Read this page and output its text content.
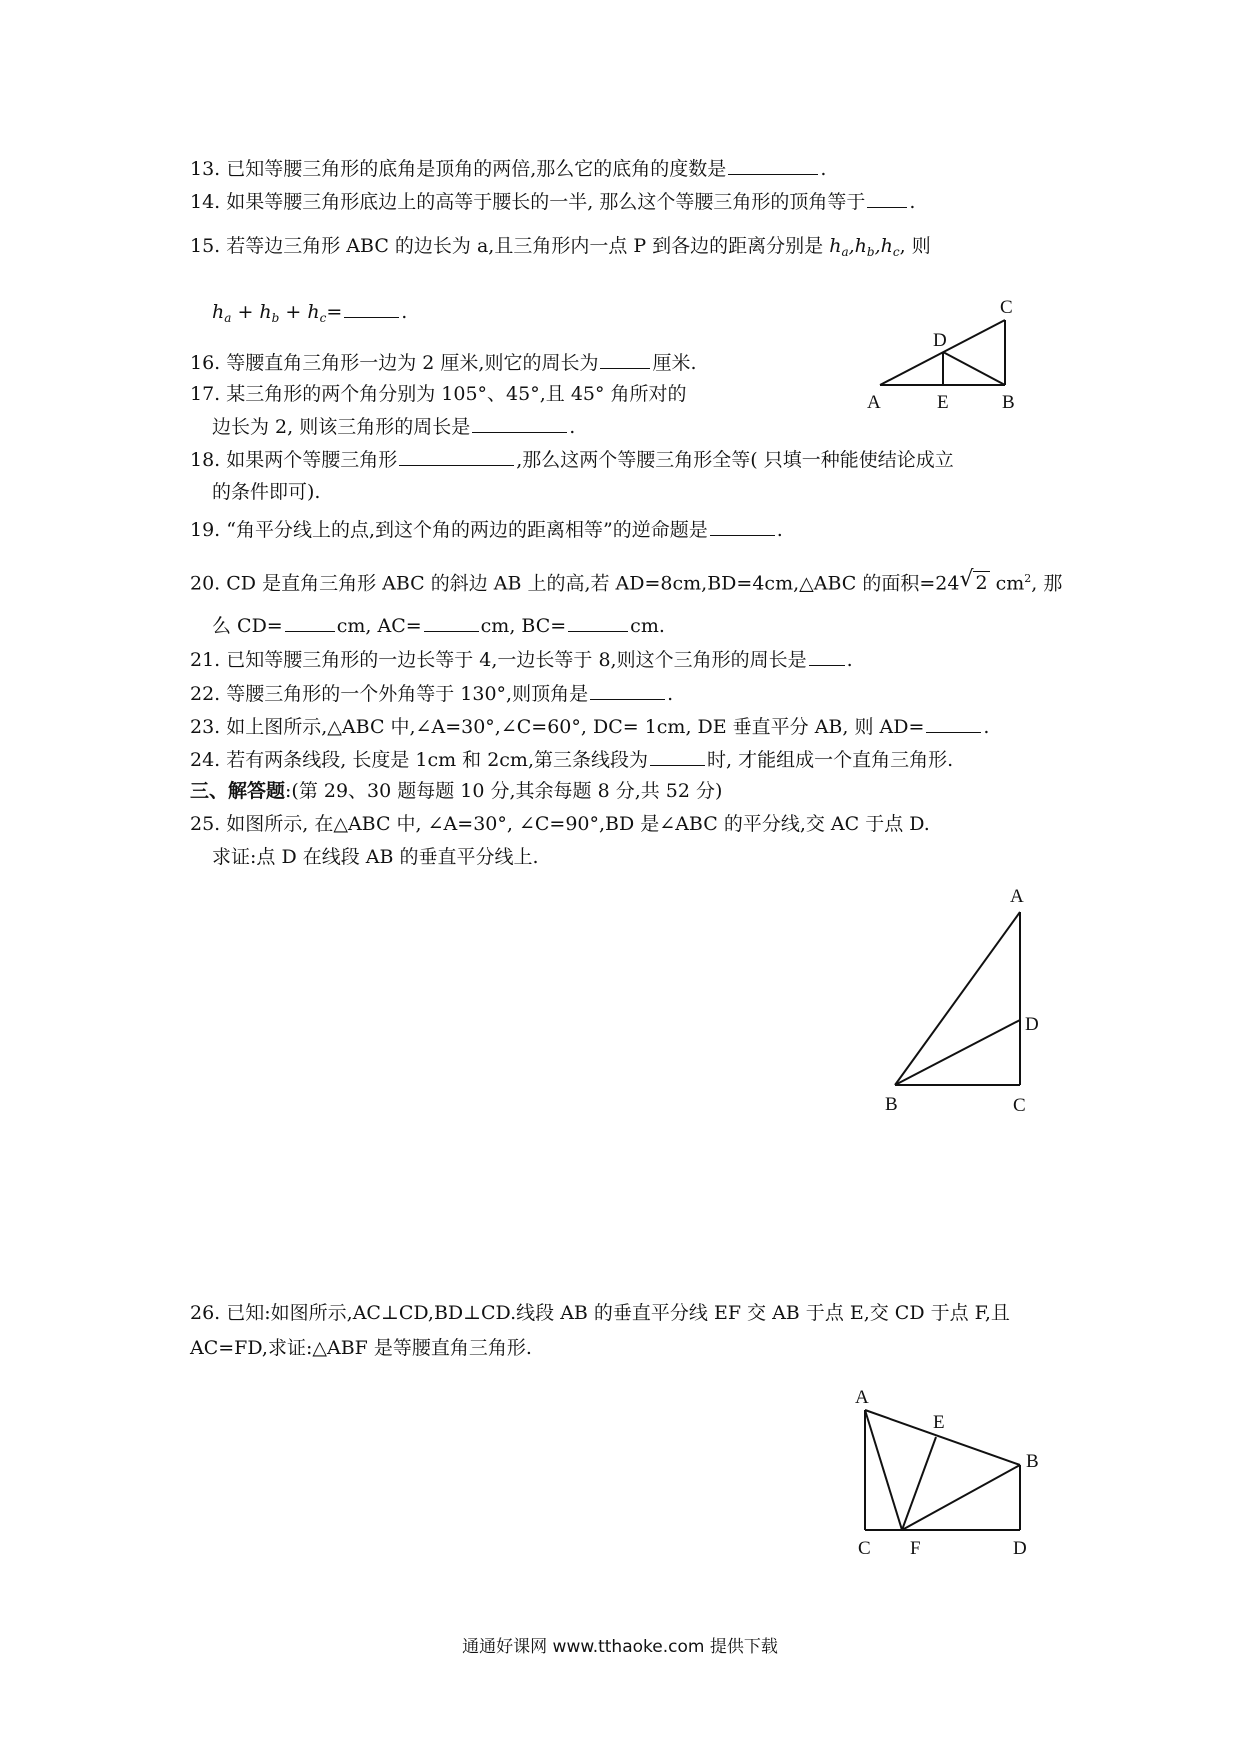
13. 已知等腰三角形的底角是顶角的两倍,那么它的底角的度数是	.
14. 如果等腰三角形底边上的高等于腰长的一半, 那么这个等腰三角形的顶角等于 .
15. 若等边三角形 ABC 的边长为 a,且三角形内一点 P 到各边的距离分别是 $h_a,h_b,h_c$, 则
$h_a + h_b + h_c=$	.
16. 等腰直角三角形一边为 2 厘米,则它的周长为	厘米.
17. 某三角形的两个角分别为 105°、45°,且 45° 角所对的
边长为 2, 则该三角形的周长是	.
18. 如果两个等腰三角形	,那么这两个等腰三角形全等( 只填一种能使结论成立
的条件即可).
19. “角平分线上的点,到这个角的两边的距离相等”的逆命题是	.
20. CD 是直角三角形 ABC 的斜边 AB 上的高,若 AD=8cm,BD=4cm,△ABC 的面积=24 √ 2 $cm^2$, 那
么 CD=	cm, AC=	cm, BC=	cm.
21. 已知等腰三角形的一边长等于 4,一边长等于 8,则这个三角形的周长是 .
22. 等腰三角形的一个外角等于 130°,则顶角是	.
23. 如上图所示,△ABC 中,∠A=30°,∠C=60°, DC= 1cm, DE 垂直平分 AB, 则 AD=	.
24. 若有两条线段, 长度是 1cm 和 2cm,第三条线段为	时, 才能组成一个直角三角形.
三、解答题:(第 29、30 题每题 10 分,其余每题 8 分,共 52 分)
25. 如图所示, 在△ABC 中, ∠A=30°, ∠C=90°,BD 是∠ABC 的平分线,交 AC 于点 D.
求证:点 D 在线段 AB 的垂直平分线上.
26. 已知:如图所示,AC⊥CD,BD⊥CD.线段 AB 的垂直平分线 EF 交 AB 于点 E,交 CD 于点 F,且
AC=FD,求证:△ABF 是等腰直角三角形.
A	E	B
C
D
A
D
B	C
A
E
B
C F	D
通通好课网 www.tthaoke.com 提供下载
